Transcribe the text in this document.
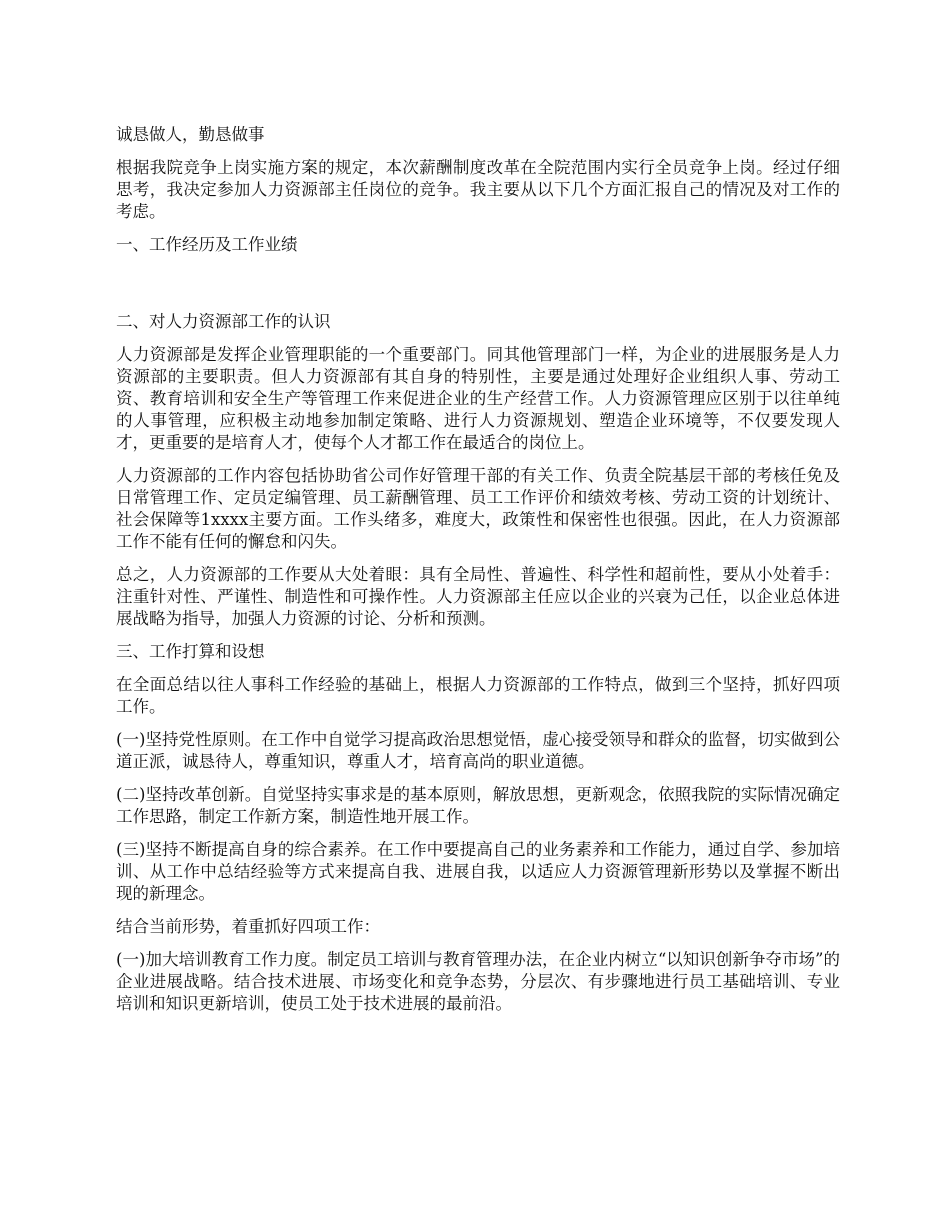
诚恳做人，勤恳做事

根据我院竞争上岗实施方案的规定，本次薪酬制度改革在全院范围内实行全员竞争上岗。经过仔细思考，我决定参加人力资源部主任岗位的竞争。我主要从以下几个方面汇报自己的情况及对工作的考虑。

一、工作经历及工作业绩

二、对人力资源部工作的认识

人力资源部是发挥企业管理职能的一个重要部门。同其他管理部门一样，为企业的进展服务是人力资源部的主要职责。但人力资源部有其自身的特别性，主要是通过处理好企业组织人事、劳动工资、教育培训和安全生产等管理工作来促进企业的生产经营工作。人力资源管理应区别于以往单纯的人事管理，应积极主动地参加制定策略、进行人力资源规划、塑造企业环境等，不仅要发现人才，更重要的是培育人才，使每个人才都工作在最适合的岗位上。

人力资源部的工作内容包括协助省公司作好管理干部的有关工作、负责全院基层干部的考核任免及日常管理工作、定员定编管理、员工薪酬管理、员工工作评价和绩效考核、劳动工资的计划统计、社会保障等1xxxx主要方面。工作头绪多，难度大，政策性和保密性也很强。因此，在人力资源部工作不能有任何的懈怠和闪失。

总之，人力资源部的工作要从大处着眼：具有全局性、普遍性、科学性和超前性，要从小处着手：注重针对性、严谨性、制造性和可操作性。人力资源部主任应以企业的兴衰为己任，以企业总体进展战略为指导，加强人力资源的讨论、分析和预测。

三、工作打算和设想

在全面总结以往人事科工作经验的基础上，根据人力资源部的工作特点，做到三个坚持，抓好四项工作。

(一)坚持党性原则。在工作中自觉学习提高政治思想觉悟，虚心接受领导和群众的监督，切实做到公道正派，诚恳待人，尊重知识，尊重人才，培育高尚的职业道德。

(二)坚持改革创新。自觉坚持实事求是的基本原则，解放思想，更新观念，依照我院的实际情况确定工作思路，制定工作新方案，制造性地开展工作。

(三)坚持不断提高自身的综合素养。在工作中要提高自己的业务素养和工作能力，通过自学、参加培训、从工作中总结经验等方式来提高自我、进展自我，以适应人力资源管理新形势以及掌握不断出现的新理念。

结合当前形势，着重抓好四项工作：

(一)加大培训教育工作力度。制定员工培训与教育管理办法，在企业内树立“以知识创新争夺市场”的企业进展战略。结合技术进展、市场变化和竞争态势，分层次、有步骤地进行员工基础培训、专业培训和知识更新培训，使员工处于技术进展的最前沿。
